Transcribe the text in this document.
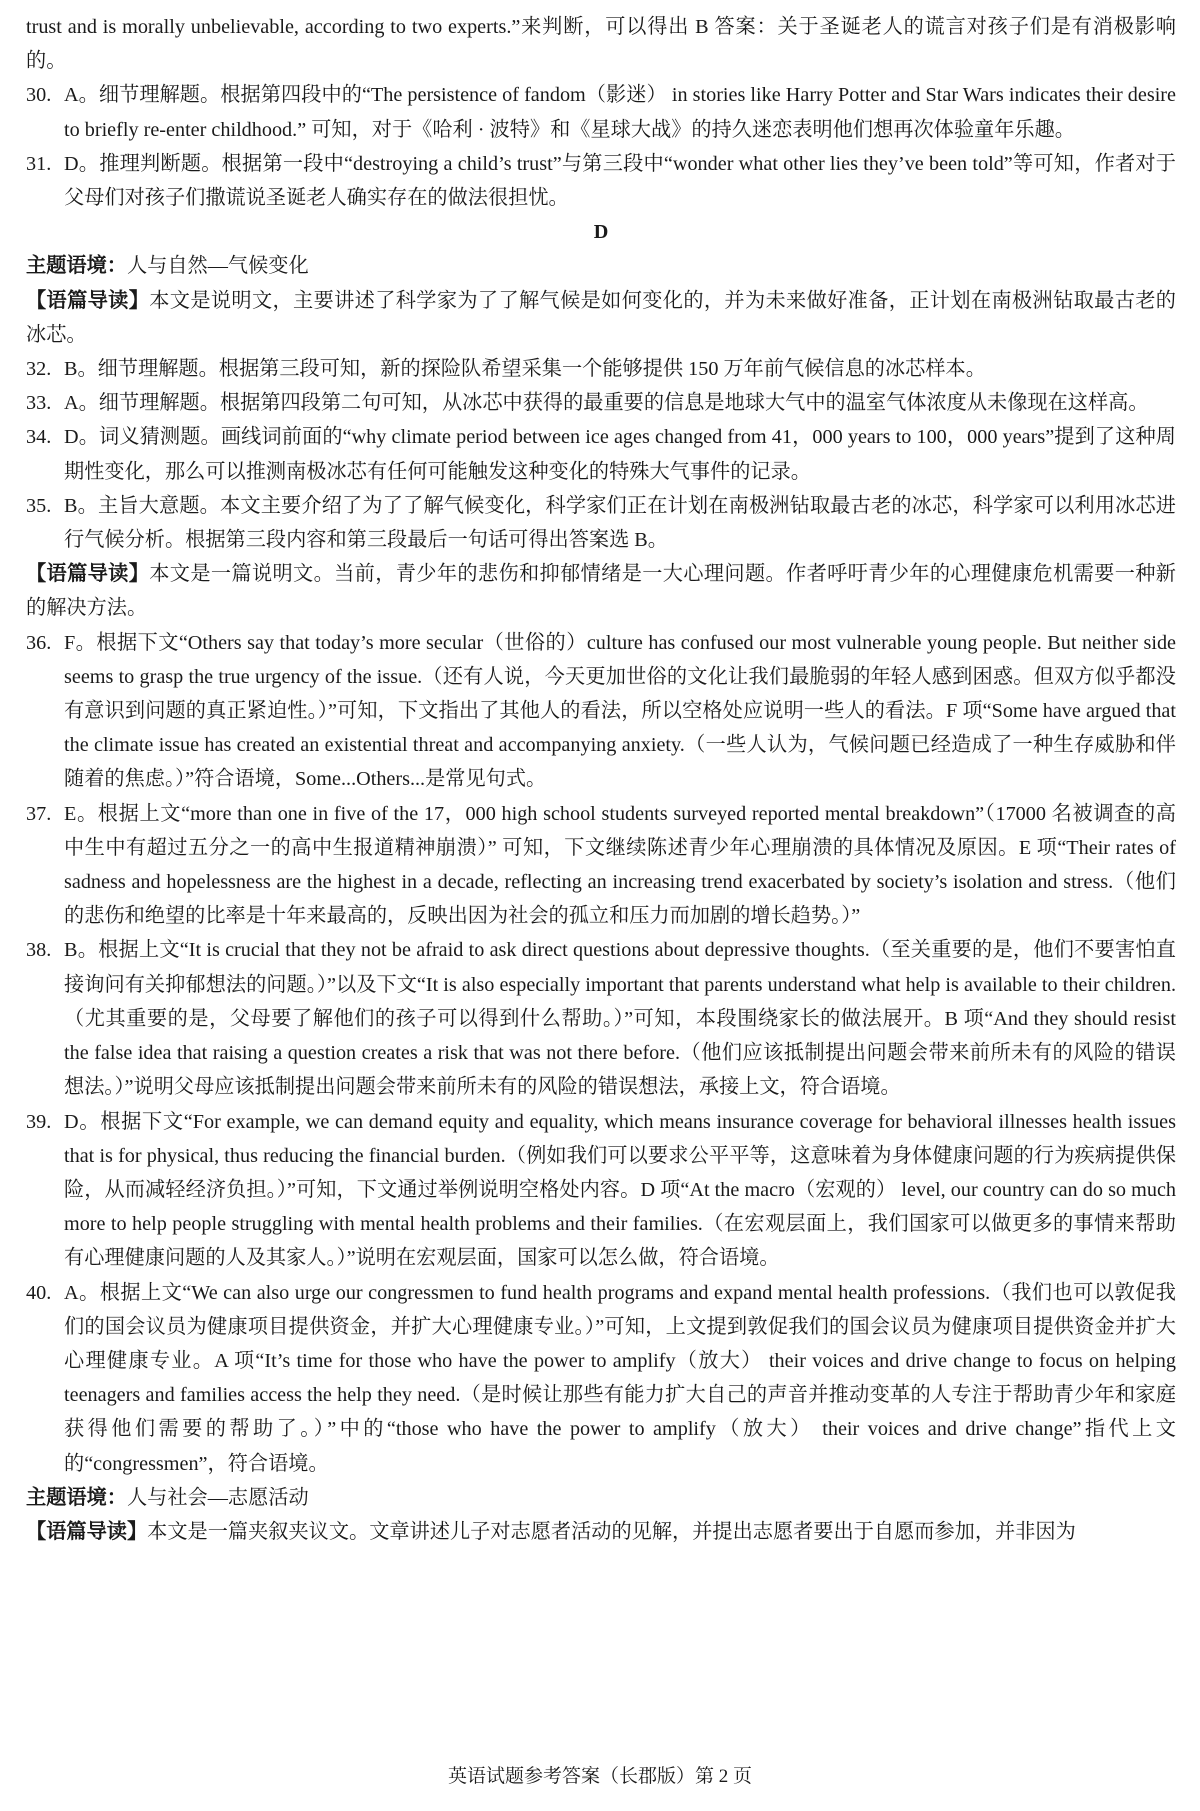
trust and is morally unbelievable, according to two experts.”来判断，可以得出 B 答案：关于圣诞老人的谎言对孩子们是有消极影响的。

30. A。细节理解题。根据第四段中的“The persistence of fandom（影迷） in stories like Harry Potter and Star Wars indicates their desire to briefly re-enter childhood.” 可知，对于《哈利 · 波特》和《星球大战》的持久迷恋表明他们想再次体验童年乐趣。
31. D。推理判断题。根据第一段中“destroying a child’s trust”与第三段中“wonder what other lies they’ve been told”等可知，作者对于父母们对孩子们撒谎说圣诞老人确实存在的做法很担忧。

D

主题语境：人与自然—气候变化

【语篇导读】本文是说明文，主要讲述了科学家为了了解气候是如何变化的，并为未来做好准备，正计划在南极洲钻取最古老的冰芯。

32. B。细节理解题。根据第三段可知，新的探险队希望采集一个能够提供 150 万年前气候信息的冰芯样本。
33. A。细节理解题。根据第四段第二句可知，从冰芯中获得的最重要的信息是地球大气中的温室气体浓度从未像现在这样高。
34. D。词义猜测题。画线词前面的“why climate period between ice ages changed from 41，000 years to 100，000 years”提到了这种周期性变化，那么可以推测南极冰芯有任何可能触发这种变化的特殊大气事件的记录。
35. B。主旨大意题。本文主要介绍了为了了解气候变化，科学家们正在计划在南极洲钻取最古老的冰芯，科学家可以利用冰芯进行气候分析。根据第三段内容和第三段最后一句话可得出答案选 B。

【语篇导读】本文是一篇说明文。当前，青少年的悲伤和抑郁情绪是一大心理问题。作者呼吁青少年的心理健康危机需要一种新的解决方法。

36. F。根据下文“Others say that today’s more secular（世俗的）culture has confused our most vulnerable young people. But neither side seems to grasp the true urgency of the issue.（还有人说，今天更加世俗的文化让我们最脆弱的年轻人感到困惑。但双方似乎都没有意识到问题的真正紧迫性。）”可知，下文指出了其他人的看法，所以空格处应说明一些人的看法。F 项“Some have argued that the climate issue has created an existential threat and accompanying anxiety.（一些人认为，气候问题已经造成了一种生存威胁和伴随着的焦虑。）”符合语境，Some...Others...是常见句式。
37. E。根据上文“more than one in five of the 17，000 high school students surveyed reported mental breakdown”（17000 名被调查的高中生中有超过五分之一的高中生报道精神崩溃）” 可知，下文继续陈述青少年心理崩溃的具体情况及原因。E 项“Their rates of sadness and hopelessness are the highest in a decade, reflecting an increasing trend exacerbated by society’s isolation and stress.（他们的悲伤和绝望的比率是十年来最高的，反映出因为社会的孤立和压力而加剧的增长趋势。）”
38. B。根据上文“It is crucial that they not be afraid to ask direct questions about depressive thoughts.（至关重要的是，他们不要害怕直接询问有关抑郁想法的问题。）”以及下文“It is also especially important that parents understand what help is available to their children.（尤其重要的是，父母要了解他们的孩子可以得到什么帮助。）”可知，本段围绕家长的做法展开。B 项“And they should resist the false idea that raising a question creates a risk that was not there before.（他们应该抵制提出问题会带来前所未有的风险的错误想法。）”说明父母应该抵制提出问题会带来前所未有的风险的错误想法，承接上文，符合语境。
39. D。根据下文“For example, we can demand equity and equality, which means insurance coverage for behavioral illnesses health issues that is for physical, thus reducing the financial burden.（例如我们可以要求公平平等，这意味着为身体健康问题的行为疾病提供保险，从而减轻经济负担。）”可知，下文通过举例说明空格处内容。D 项“At the macro（宏观的） level, our country can do so much more to help people struggling with mental health problems and their families.（在宏观层面上，我们国家可以做更多的事情来帮助有心理健康问题的人及其家人。）”说明在宏观层面，国家可以怎么做，符合语境。
40. A。根据上文“We can also urge our congressmen to fund health programs and expand mental health professions.（我们也可以敦促我们的国会议员为健康项目提供资金，并扩大心理健康专业。）”可知，上文提到敦促我们的国会议员为健康项目提供资金并扩大心理健康专业。A 项“It’s time for those who have the power to amplify（放大） their voices and drive change to focus on helping teenagers and families access the help they need.（是时候让那些有能力扩大自己的声音并推动变革的人专注于帮助青少年和家庭获得他们需要的帮助了。）”中的“those who have the power to amplify（放大） their voices and drive change”指代上文的“congressmen”，符合语境。

主题语境：人与社会—志愿活动

【语篇导读】本文是一篇夹叙夹议文。文章讲述儿子对志愿者活动的见解，并提出志愿者要出于自愿而参加，并非因为

英语试题参考答案（长郡版）第 2 页
